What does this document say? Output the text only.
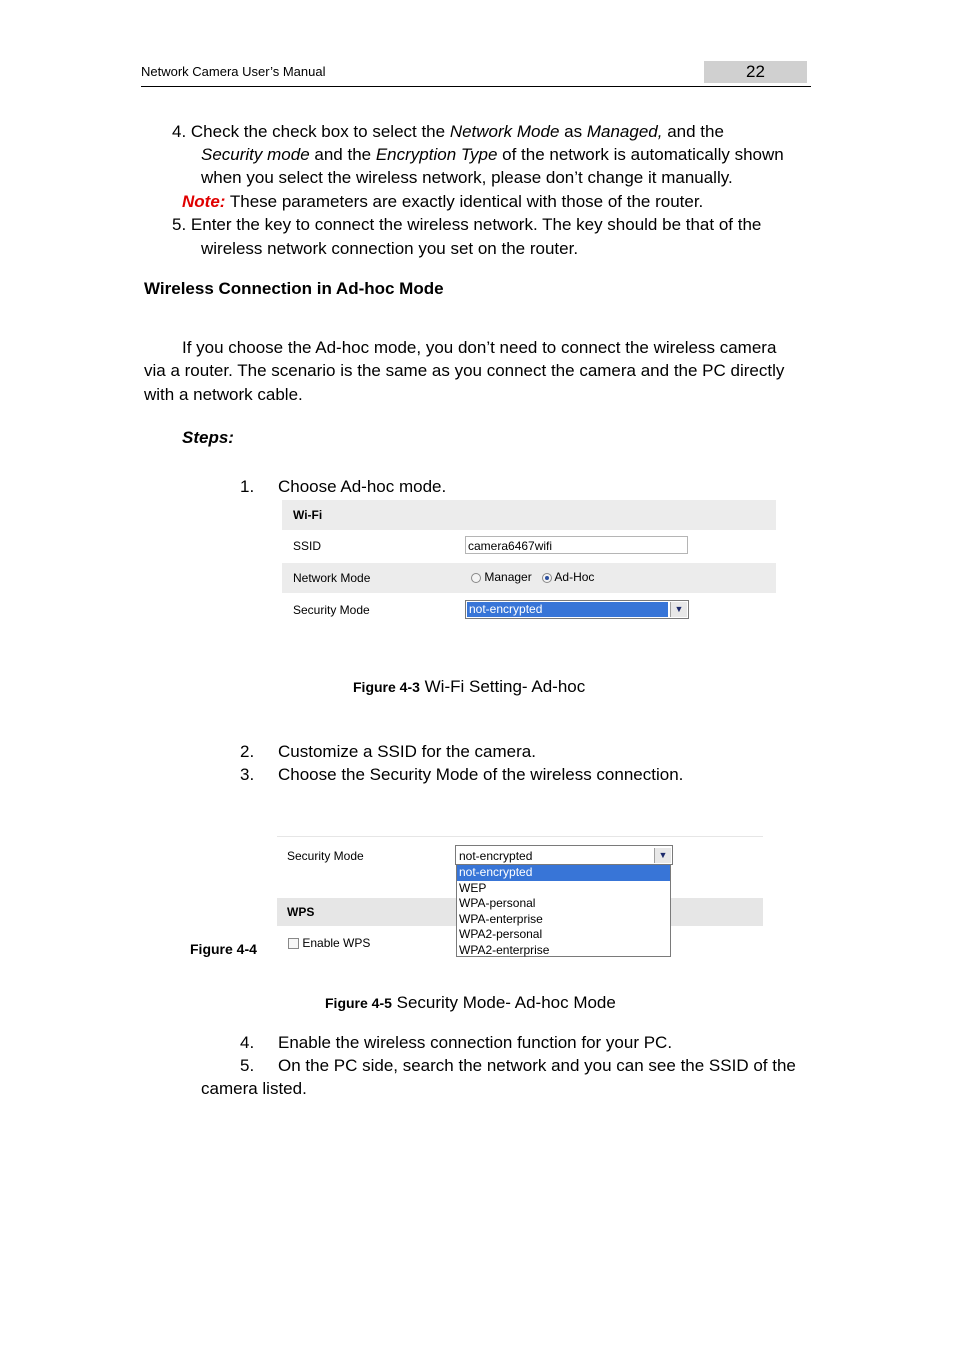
Network Camera User’s Manual	22
4. Check the check box to select the Network Mode as Managed, and the
Security mode and the Encryption Type of the network is automatically shown
when you select the wireless network, please don’t change it manually.
Note: These parameters are exactly identical with those of the router.
5. Enter the key to connect the wireless network. The key should be that of the
wireless network connection you set on the router.
Wireless Connection in Ad-hoc Mode
If you choose the Ad-hoc mode, you don’t need to connect the wireless camera
via a router. The scenario is the same as you connect the camera and the PC directly
with a network cable.
Steps:
1. Choose Ad-hoc mode.
Wi-Fi
SSID	camera6467wifi
Network Mode	Manager Ad-Hoc
Security Mode	not-encrypted	▼
Figure 4-3 Wi-Fi Setting- Ad-hoc
2. Customize a SSID for the camera.
3. Choose the Security Mode of the wireless connection.
Security Mode	not-encrypted	▼
WPS
Enable WPS
not-encrypted
WEP
WPA-personal
WPA-enterprise
WPA2-personal
WPA2-enterprise
Figure 4-4
Figure 4-5 Security Mode- Ad-hoc Mode
4. Enable the wireless connection function for your PC.
5. On the PC side, search the network and you can see the SSID of the
camera listed.
